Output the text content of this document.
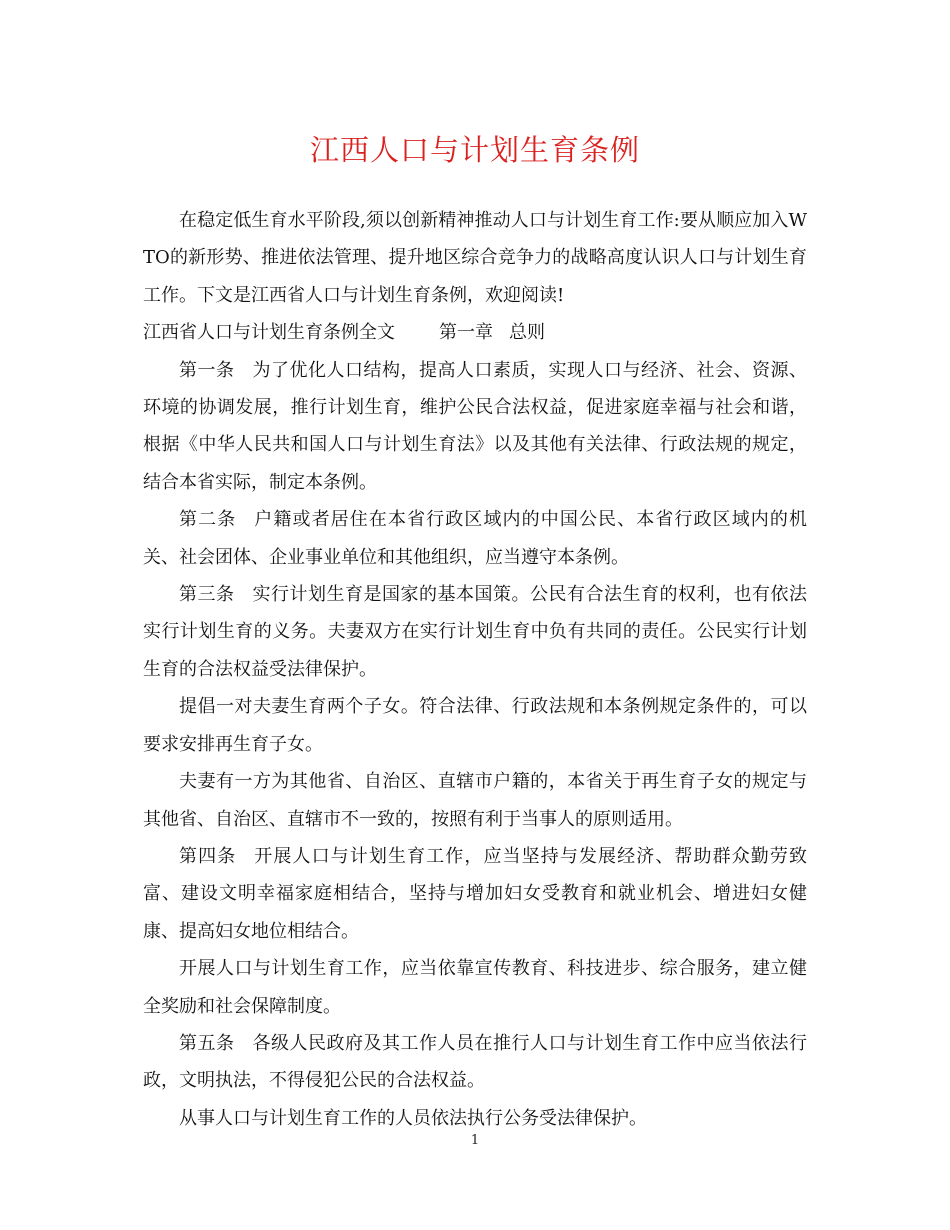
江西人口与计划生育条例

在稳定低生育水平阶段,须以创新精神推动人口与计划生育工作:要从顺应加入WTO的新形势、推进依法管理、提升地区综合竞争力的战略高度认识人口与计划生育工作。下文是江西省人口与计划生育条例，欢迎阅读!

江西省人口与计划生育条例全文 第一章 总则

第一条 为了优化人口结构，提高人口素质，实现人口与经济、社会、资源、环境的协调发展，推行计划生育，维护公民合法权益，促进家庭幸福与社会和谐，根据《中华人民共和国人口与计划生育法》以及其他有关法律、行政法规的规定，结合本省实际，制定本条例。

第二条 户籍或者居住在本省行政区域内的中国公民、本省行政区域内的机关、社会团体、企业事业单位和其他组织，应当遵守本条例。

第三条 实行计划生育是国家的基本国策。公民有合法生育的权利，也有依法实行计划生育的义务。夫妻双方在实行计划生育中负有共同的责任。公民实行计划生育的合法权益受法律保护。

提倡一对夫妻生育两个子女。符合法律、行政法规和本条例规定条件的，可以要求安排再生育子女。

夫妻有一方为其他省、自治区、直辖市户籍的，本省关于再生育子女的规定与其他省、自治区、直辖市不一致的，按照有利于当事人的原则适用。

第四条 开展人口与计划生育工作，应当坚持与发展经济、帮助群众勤劳致富、建设文明幸福家庭相结合，坚持与增加妇女受教育和就业机会、增进妇女健康、提高妇女地位相结合。

开展人口与计划生育工作，应当依靠宣传教育、科技进步、综合服务，建立健全奖励和社会保障制度。

第五条 各级人民政府及其工作人员在推行人口与计划生育工作中应当依法行政，文明执法，不得侵犯公民的合法权益。

从事人口与计划生育工作的人员依法执行公务受法律保护。

1
